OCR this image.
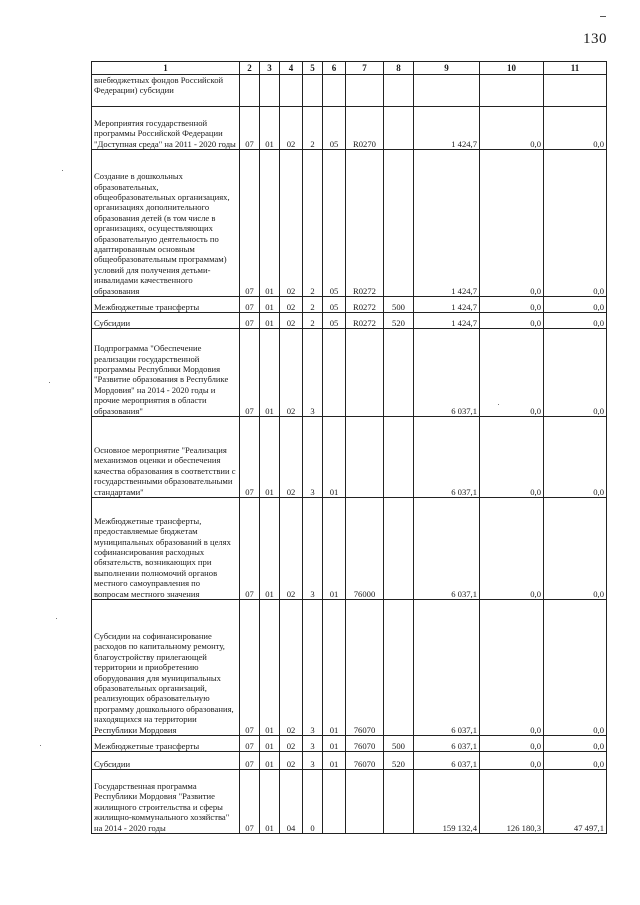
130
1	2	3	4	5	6	7	8	9	10	11
внебюджетных фондов Российской Федерации) субсидии										
Мероприятия государственной программы Российской Федерации "Доступная среда" на 2011 - 2020 годы	07	01	02	2	05	R0270		1 424,7	0,0	0,0
Создание в дошкольных образовательных, общеобразовательных организациях, организациях дополнительного образования детей (в том числе в организациях, осуществляющих образовательную деятельность по адаптированным основным общеобразовательным программам) условий для получения детьми-инвалидами качественного образования	07	01	02	2	05	R0272		1 424,7	0,0	0,0
Межбюджетные трансферты	07	01	02	2	05	R0272	500	1 424,7	0,0	0,0
Субсидии	07	01	02	2	05	R0272	520	1 424,7	0,0	0,0
Подпрограмма "Обеспечение реализации государственной программы Республики Мордовия "Развитие образования в Республике Мордовия" на 2014 - 2020 годы и прочие мероприятия в области образования"	07	01	02	3				6 037,1	0,0	0,0
Основное мероприятие "Реализация механизмов оценки и обеспечения качества образования в соответствии с государственными образовательными стандартами"	07	01	02	3	01			6 037,1	0,0	0,0
Межбюджетные трансферты, предоставляемые бюджетам муниципальных образований в целях софинансирования расходных обязательств, возникающих при выполнении полномочий органов местного самоуправления по вопросам местного значения	07	01	02	3	01	76000		6 037,1	0,0	0,0
Субсидии на софинансирование расходов по капитальному ремонту, благоустройству прилегающей территории и приобретению оборудования для муниципальных образовательных организаций, реализующих образовательную программу дошкольного образования, находящихся на территории Республики Мордовия	07	01	02	3	01	76070		6 037,1	0,0	0,0
Межбюджетные трансферты	07	01	02	3	01	76070	500	6 037,1	0,0	0,0
Субсидии	07	01	02	3	01	76070	520	6 037,1	0,0	0,0
Государственная программа Республики Мордовия "Развитие жилищного строительства и сферы жилищно-коммунального хозяйства" на 2014 - 2020 годы	07	01	04	0				159 132,4	126 180,3	47 497,1
